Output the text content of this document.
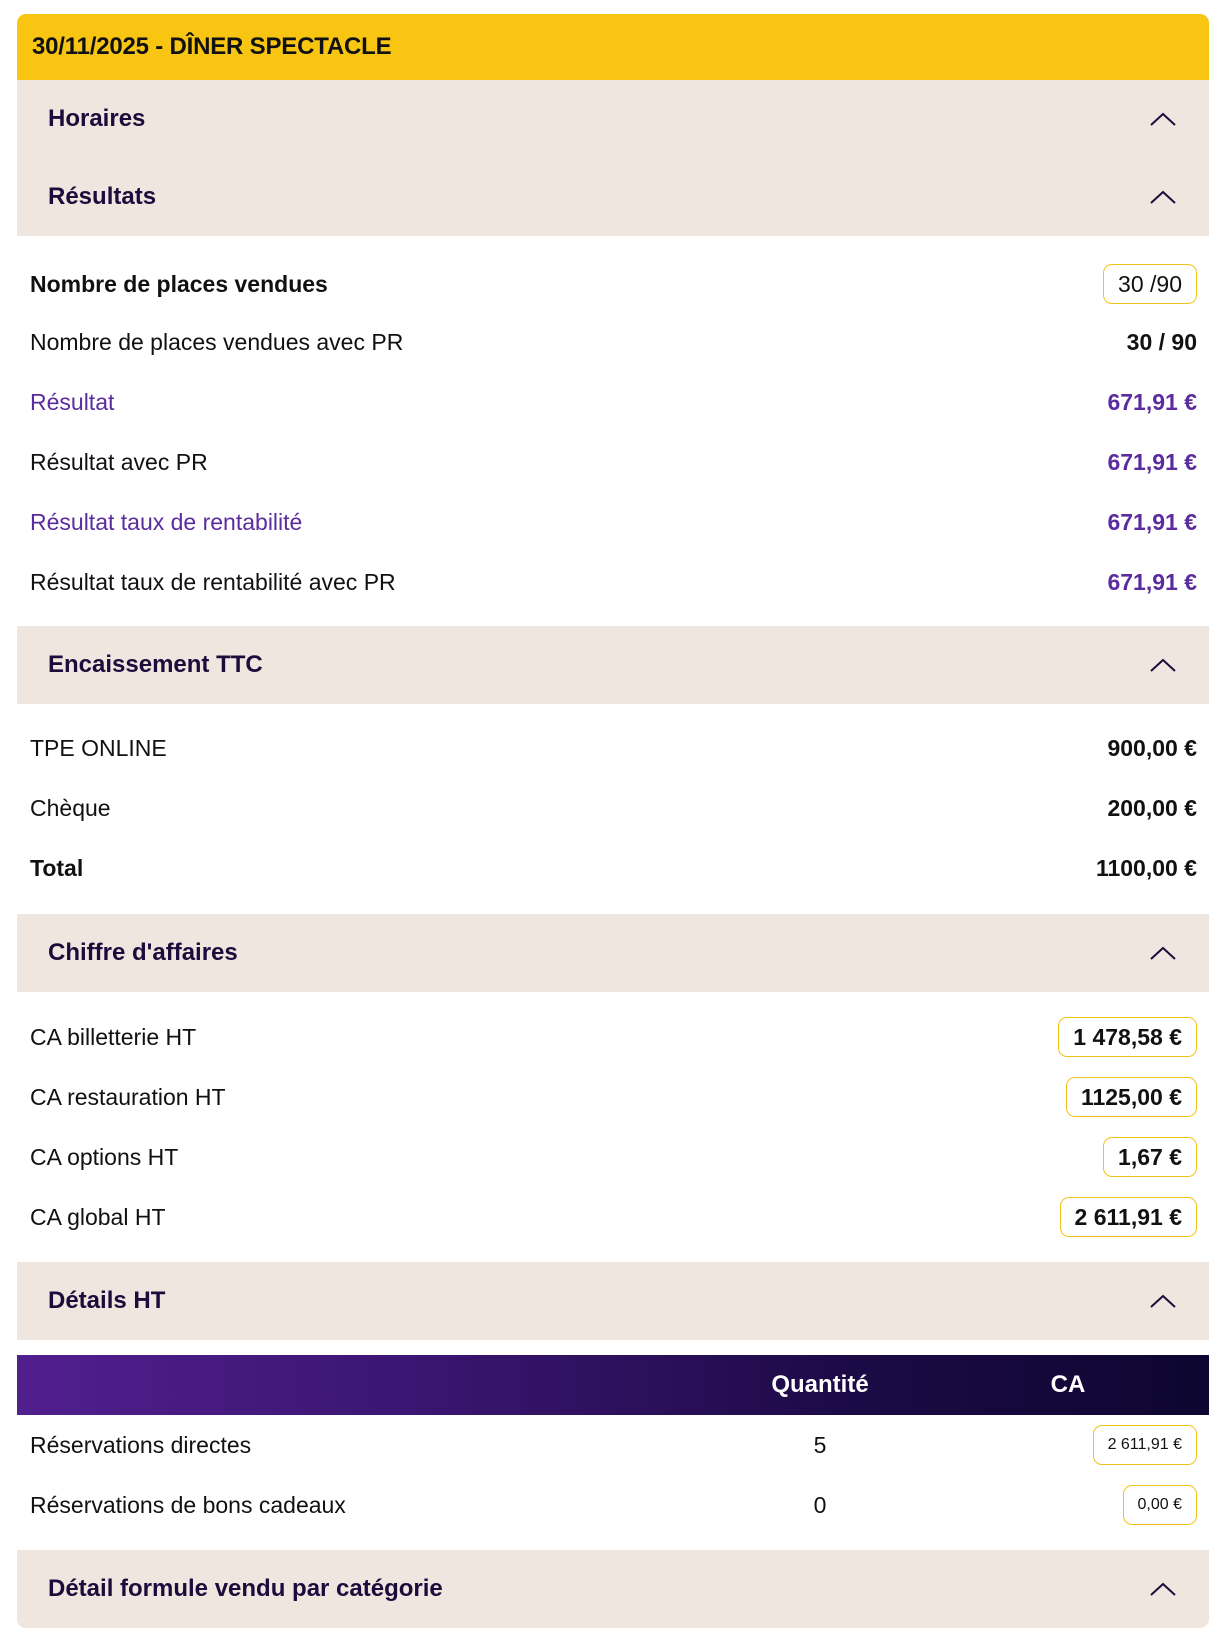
30/11/2025 - DÎNER SPECTACLE
Horaires
Résultats
Nombre de places vendues	30 /90
Nombre de places vendues avec PR	30 / 90
Résultat	671,91 €
Résultat avec PR	671,91 €
Résultat taux de rentabilité	671,91 €
Résultat taux de rentabilité avec PR	671,91 €
Encaissement TTC
TPE ONLINE	900,00 €
Chèque	200,00 €
Total	1100,00 €
Chiffre d'affaires
CA billetterie HT	1 478,58 €
CA restauration HT	1125,00 €
CA options HT	1,67 €
CA global HT	2 611,91 €
Détails HT
Quantité	CA
Réservations directes	5	2 611,91 €
Réservations de bons cadeaux	0	0,00 €
Détail formule vendu par catégorie
